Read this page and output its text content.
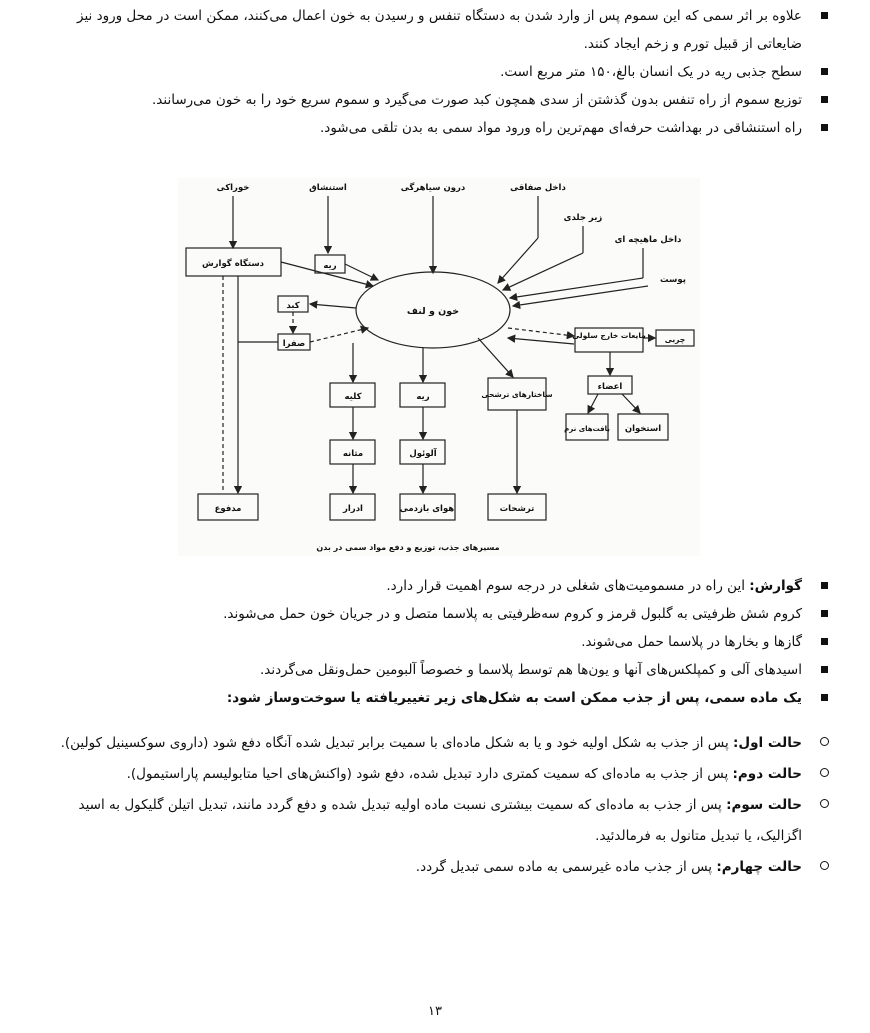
علاوه بر اثر سمی که این سموم پس از وارد شدن به دستگاه تنفس و رسیدن به خون اعمال می‌کنند، ممکن است در محل ورود نیز ضایعاتی از قبیل تورم و زخم ایجاد کنند.
سطح جذبی ریه در یک انسان بالغ،۱۵۰ متر مربع است.
توزیع سموم از راه تنفس بدون گذشتن از سدی همچون کبد صورت می‌گیرد و سموم سریع خود را به خون می‌رسانند.
راه استنشاقی در بهداشت حرفه‌ای مهم‌ترین راه ورود مواد سمی به بدن تلقی می‌شود.
خوراکی	استنشاق	درون سیاهرگی	داخل صفاقی
زیر جلدی
داخل ماهیچه ای
پوست
دستگاه گوارش	ریه
خون و لنف
کبد
صفرا
مایعات خارج سلولی	چربی
اعضاء
بافت‌های نرم استخوان
کلیه	ریه	ساختارهای ترشحی
مثانه	آلوئول
مدفوع	ادرار	هوای بازدمی	ترشحات
مسیرهای جذب، توزیع و دفع مواد سمی در بدن
گوارش: این راه در مسمومیت‌های شغلی در درجه سوم اهمیت قرار دارد.
کروم شش ظرفیتی به گلبول قرمز و کروم سه‌ظرفیتی به پلاسما متصل و در جریان خون حمل می‌شوند.
گازها و بخارها در پلاسما حمل می‌شوند.
اسیدهای آلی و کمپلکس‌های آنها و یون‌ها هم توسط پلاسما و خصوصاً آلبومین حمل‌ونقل می‌گردند.
یک ماده سمی، پس از جذب ممکن است به شکل‌های زیر تغییریافته یا سوخت‌وساز شود:
حالت اول: پس از جذب به شکل اولیه خود و یا به شکل ماده‌ای با سمیت برابر تبدیل شده آنگاه دفع شود (داروی سوکسینیل کولین).
حالت دوم: پس از جذب به ماده‌ای که سمیت کمتری دارد تبدیل شده، دفع شود (واکنش‌های احیا متابولیسم پاراستیمول).
حالت سوم: پس از جذب به ماده‌ای که سمیت بیشتری نسبت ماده اولیه تبدیل شده و دفع گردد مانند، تبدیل اتیلن گلیکول به اسید اگزالیک، یا تبدیل متانول به فرمالدئید.
حالت چهارم: پس از جذب ماده غیرسمی به ماده سمی تبدیل گردد.
۱۳
